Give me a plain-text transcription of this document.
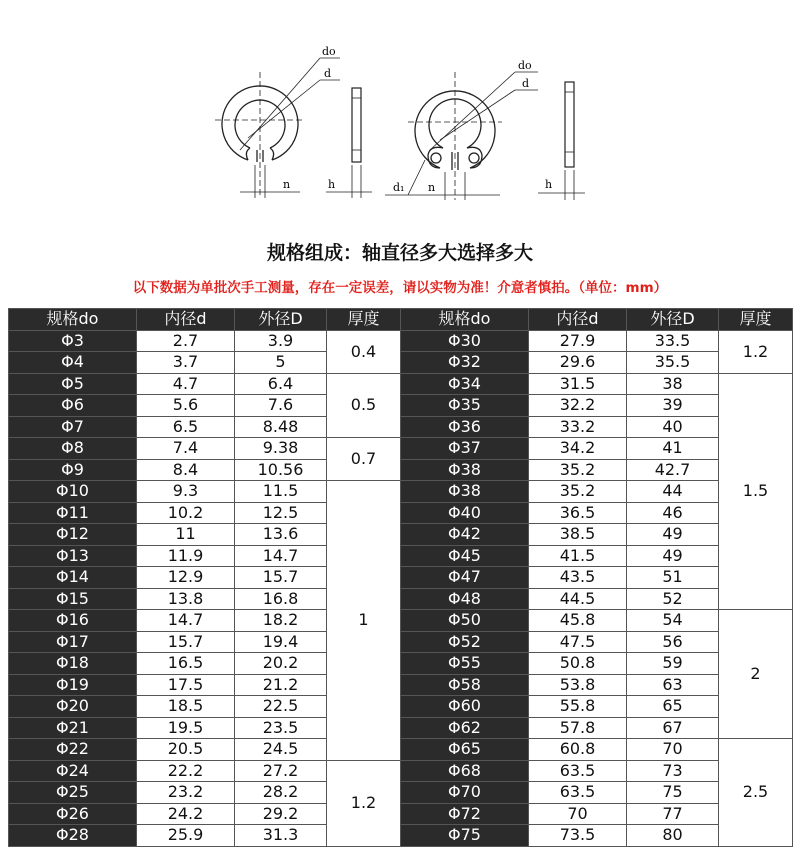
do
d
n	h
do
d
d₁ n	h
规格组成：轴直径多大选择多大
以下数据为单批次手工测量，存在一定误差，请以实物为准！介意者慎拍。（单位：mm）
规格do	内径d	外径D	厚度	规格do	内径d	外径D	厚度
Φ3	2.7	3.9	0.4	Φ30	27.9	33.5	1.2
Φ4	3.7	5		Φ32	29.6	35.5	
Φ5	4.7	6.4	0.5	Φ34	31.5	38	1.5
Φ6	5.6	7.6		Φ35	32.2	39	
Φ7	6.5	8.48		Φ36	33.2	40	
Φ8	7.4	9.38	0.7	Φ37	34.2	41	
Φ9	8.4	10.56		Φ38	35.2	42.7	
Φ10	9.3	11.5	1	Φ38	35.2	44	
Φ11	10.2	12.5		Φ40	36.5	46	
Φ12	11	13.6		Φ42	38.5	49	
Φ13	11.9	14.7		Φ45	41.5	49	
Φ14	12.9	15.7		Φ47	43.5	51	
Φ15	13.8	16.8		Φ48	44.5	52	
Φ16	14.7	18.2		Φ50	45.8	54	2
Φ17	15.7	19.4		Φ52	47.5	56	
Φ18	16.5	20.2		Φ55	50.8	59	
Φ19	17.5	21.2		Φ58	53.8	63	
Φ20	18.5	22.5		Φ60	55.8	65	
Φ21	19.5	23.5		Φ62	57.8	67	
Φ22	20.5	24.5		Φ65	60.8	70	2.5
Φ24	22.2	27.2	1.2	Φ68	63.5	73	
Φ25	23.2	28.2		Φ70	63.5	75	
Φ26	24.2	29.2		Φ72	70	77	
Φ28	25.9	31.3		Φ75	73.5	80	
